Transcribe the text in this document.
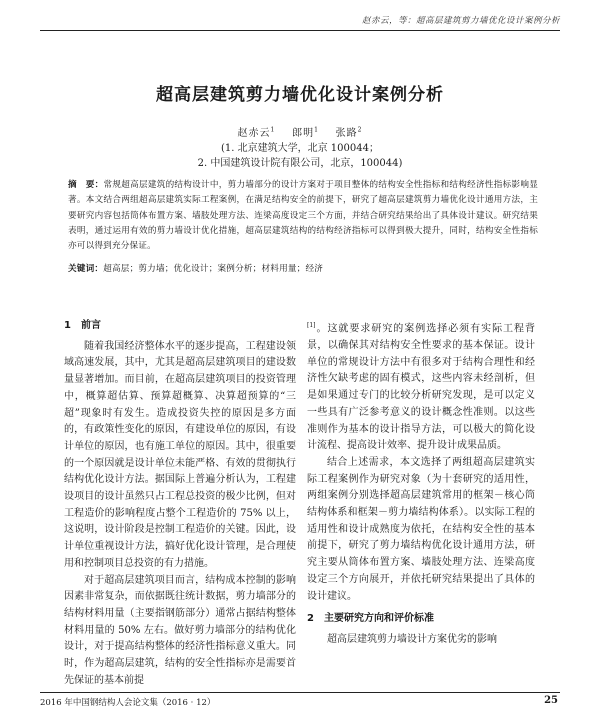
赵赤云，等：超高层建筑剪力墙优化设计案例分析
超高层建筑剪力墙优化设计案例分析
赵赤云$^1$ 郎明$^1$ 张路$^2$
(1. 北京建筑大学，北京 100044；
2. 中国建筑设计院有限公司，北京，100044)
摘　要：常规超高层建筑的结构设计中，剪力墙部分的设计方案对于项目整体的结构安全性指标和结构经济性指标影响显著。本文结合两组超高层建筑实际工程案例，在满足结构安全的前提下，研究了超高层建筑剪力墙优化设计通用方法，主要研究内容包括筒体布置方案、墙肢处理方法、连梁高度设定三个方面，并结合研究结果给出了具体设计建议。研究结果表明，通过运用有效的剪力墙设计优化措施，超高层建筑结构的结构经济指标可以得到极大提升，同时，结构安全性指标亦可以得到充分保证。
关键词：超高层；剪力墙；优化设计；案例分析；材料用量；经济
1　前言

随着我国经济整体水平的逐步提高，工程建设领域高速发展，其中，尤其是超高层建筑项目的建设数量显著增加。而目前，在超高层建筑项目的投资管理中，概算超估算、预算超概算、决算超预算的“三超”现象时有发生。造成投资失控的原因是多方面的，有政策性变化的原因，有建设单位的原因，有设计单位的原因，也有施工单位的原因。其中，很重要的一个原因就是设计单位未能严格、有效的贯彻执行结构优化设计方法。据国际上普遍分析认为，工程建设项目的设计虽然只占工程总投资的极少比例，但对工程造价的影响程度占整个工程造价的 75% 以上，这说明，设计阶段是控制工程造价的关键。因此，设计单位重视设计方法，搞好优化设计管理，是合理使用和控制项目总投资的有力措施。

对于超高层建筑项目而言，结构成本控制的影响因素非常复杂，而依据既往统计数据，剪力墙部分的结构材料用量（主要指钢筋部分）通常占据结构整体材料用量的 50% 左右。做好剪力墙部分的结构优化设计，对于提高结构整体的经济性指标意义重大。同时，作为超高层建筑，结构的安全性指标亦是需要首先保证的基本前提

[1]。这就要求研究的案例选择必须有实际工程背景，以确保其对结构安全性要求的基本保证。设计单位的常规设计方法中有很多对于结构合理性和经济性欠缺考虑的固有模式，这些内容未经剖析，但是如果通过专门的比较分析研究发现，是可以定义一些具有广泛参考意义的设计概念性准则。以这些准则作为基本的设计指导方法，可以极大的简化设计流程、提高设计效率、提升设计成果品质。

结合上述需求，本文选择了两组超高层建筑实际工程案例作为研究对象（为十套研究的适用性，两组案例分别选择超高层建筑常用的框架－核心筒结构体系和框架－剪力墙结构体系）。以实际工程的适用性和设计成熟度为依托，在结构安全性的基本前提下，研究了剪力墙结构优化设计通用方法，研究主要从筒体布置方案、墙肢处理方法、连梁高度设定三个方向展开，并依托研究结果提出了具体的设计建议。

2　主要研究方向和评价标准

超高层建筑剪力墙设计方案优劣的影响

2016 年中国钢结构人会论文集（2016 · 12）	25
